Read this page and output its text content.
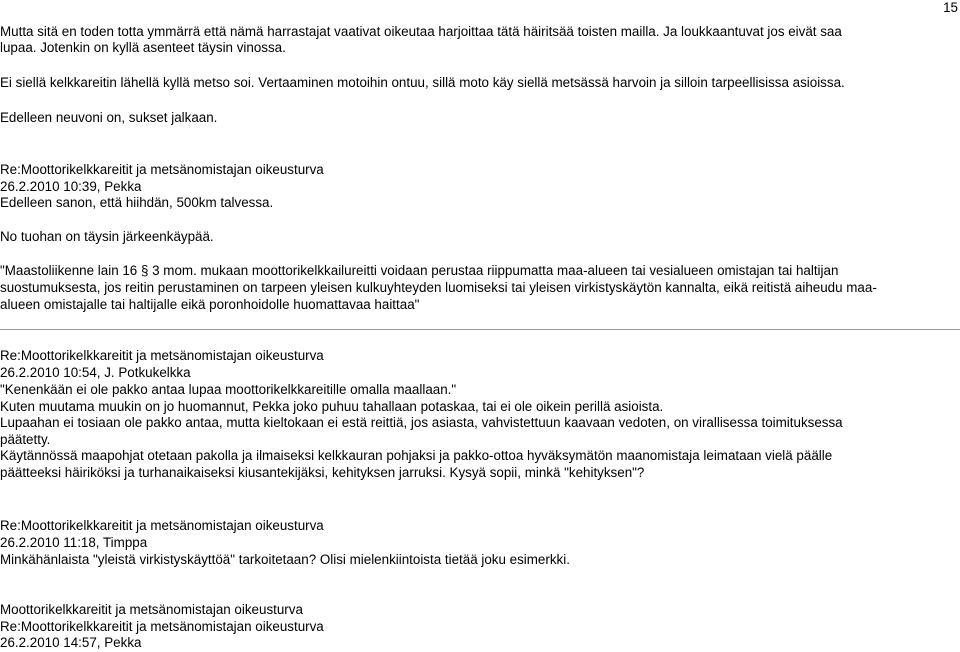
15
Mutta sitä en toden totta ymmärrä että nämä harrastajat vaativat oikeutaa harjoittaa tätä häiritsää toisten mailla. Ja loukkaantuvat jos eivät saa
lupaa. Jotenkin on kyllä asenteet täysin vinossa.
Ei siellä kelkkareitin lähellä kyllä metso soi. Vertaaminen motoihin ontuu, sillä moto käy siellä metsässä harvoin ja silloin tarpeellisissa asioissa.
Edelleen neuvoni on, sukset jalkaan.
Re:Moottorikelkkareitit ja metsänomistajan oikeusturva
26.2.2010 10:39, Pekka
Edelleen sanon, että hiihdän, 500km talvessa.
No tuohan on täysin järkeenkäypää.
"Maastoliikenne lain 16 § 3 mom. mukaan moottorikelkkailureitti voidaan perustaa riippumatta maa-alueen tai vesialueen omistajan tai haltijan
suostumuksesta, jos reitin perustaminen on tarpeen yleisen kulkuyhteyden luomiseksi tai yleisen virkistyskäytön kannalta, eikä reitistä aiheudu maa-
alueen omistajalle tai haltijalle eikä poronhoidolle huomattavaa haittaa"
Re:Moottorikelkkareitit ja metsänomistajan oikeusturva
26.2.2010 10:54, J. Potkukelkka
"Kenenkään ei ole pakko antaa lupaa moottorikelkkareitille omalla maallaan."
Kuten muutama muukin on jo huomannut, Pekka joko puhuu tahallaan potaskaa, tai ei ole oikein perillä asioista.
Lupaahan ei tosiaan ole pakko antaa, mutta kieltokaan ei estä reittiä, jos asiasta, vahvistettuun kaavaan vedoten, on virallisessa toimituksessa
päätetty.
Käytännössä maapohjat otetaan pakolla ja ilmaiseksi kelkkauran pohjaksi ja pakko-ottoa hyväksymätön maanomistaja leimataan vielä päälle
päätteeksi häiriköksi ja turhanaikaiseksi kiusantekijäksi, kehityksen jarruksi. Kysyä sopii, minkä "kehityksen"?
Re:Moottorikelkkareitit ja metsänomistajan oikeusturva
26.2.2010 11:18, Timppa
Minkähänlaista "yleistä virkistyskäyttöä" tarkoitetaan? Olisi mielenkiintoista tietää joku esimerkki.
Moottorikelkkareitit ja metsänomistajan oikeusturva
Re:Moottorikelkkareitit ja metsänomistajan oikeusturva
26.2.2010 14:57, Pekka
